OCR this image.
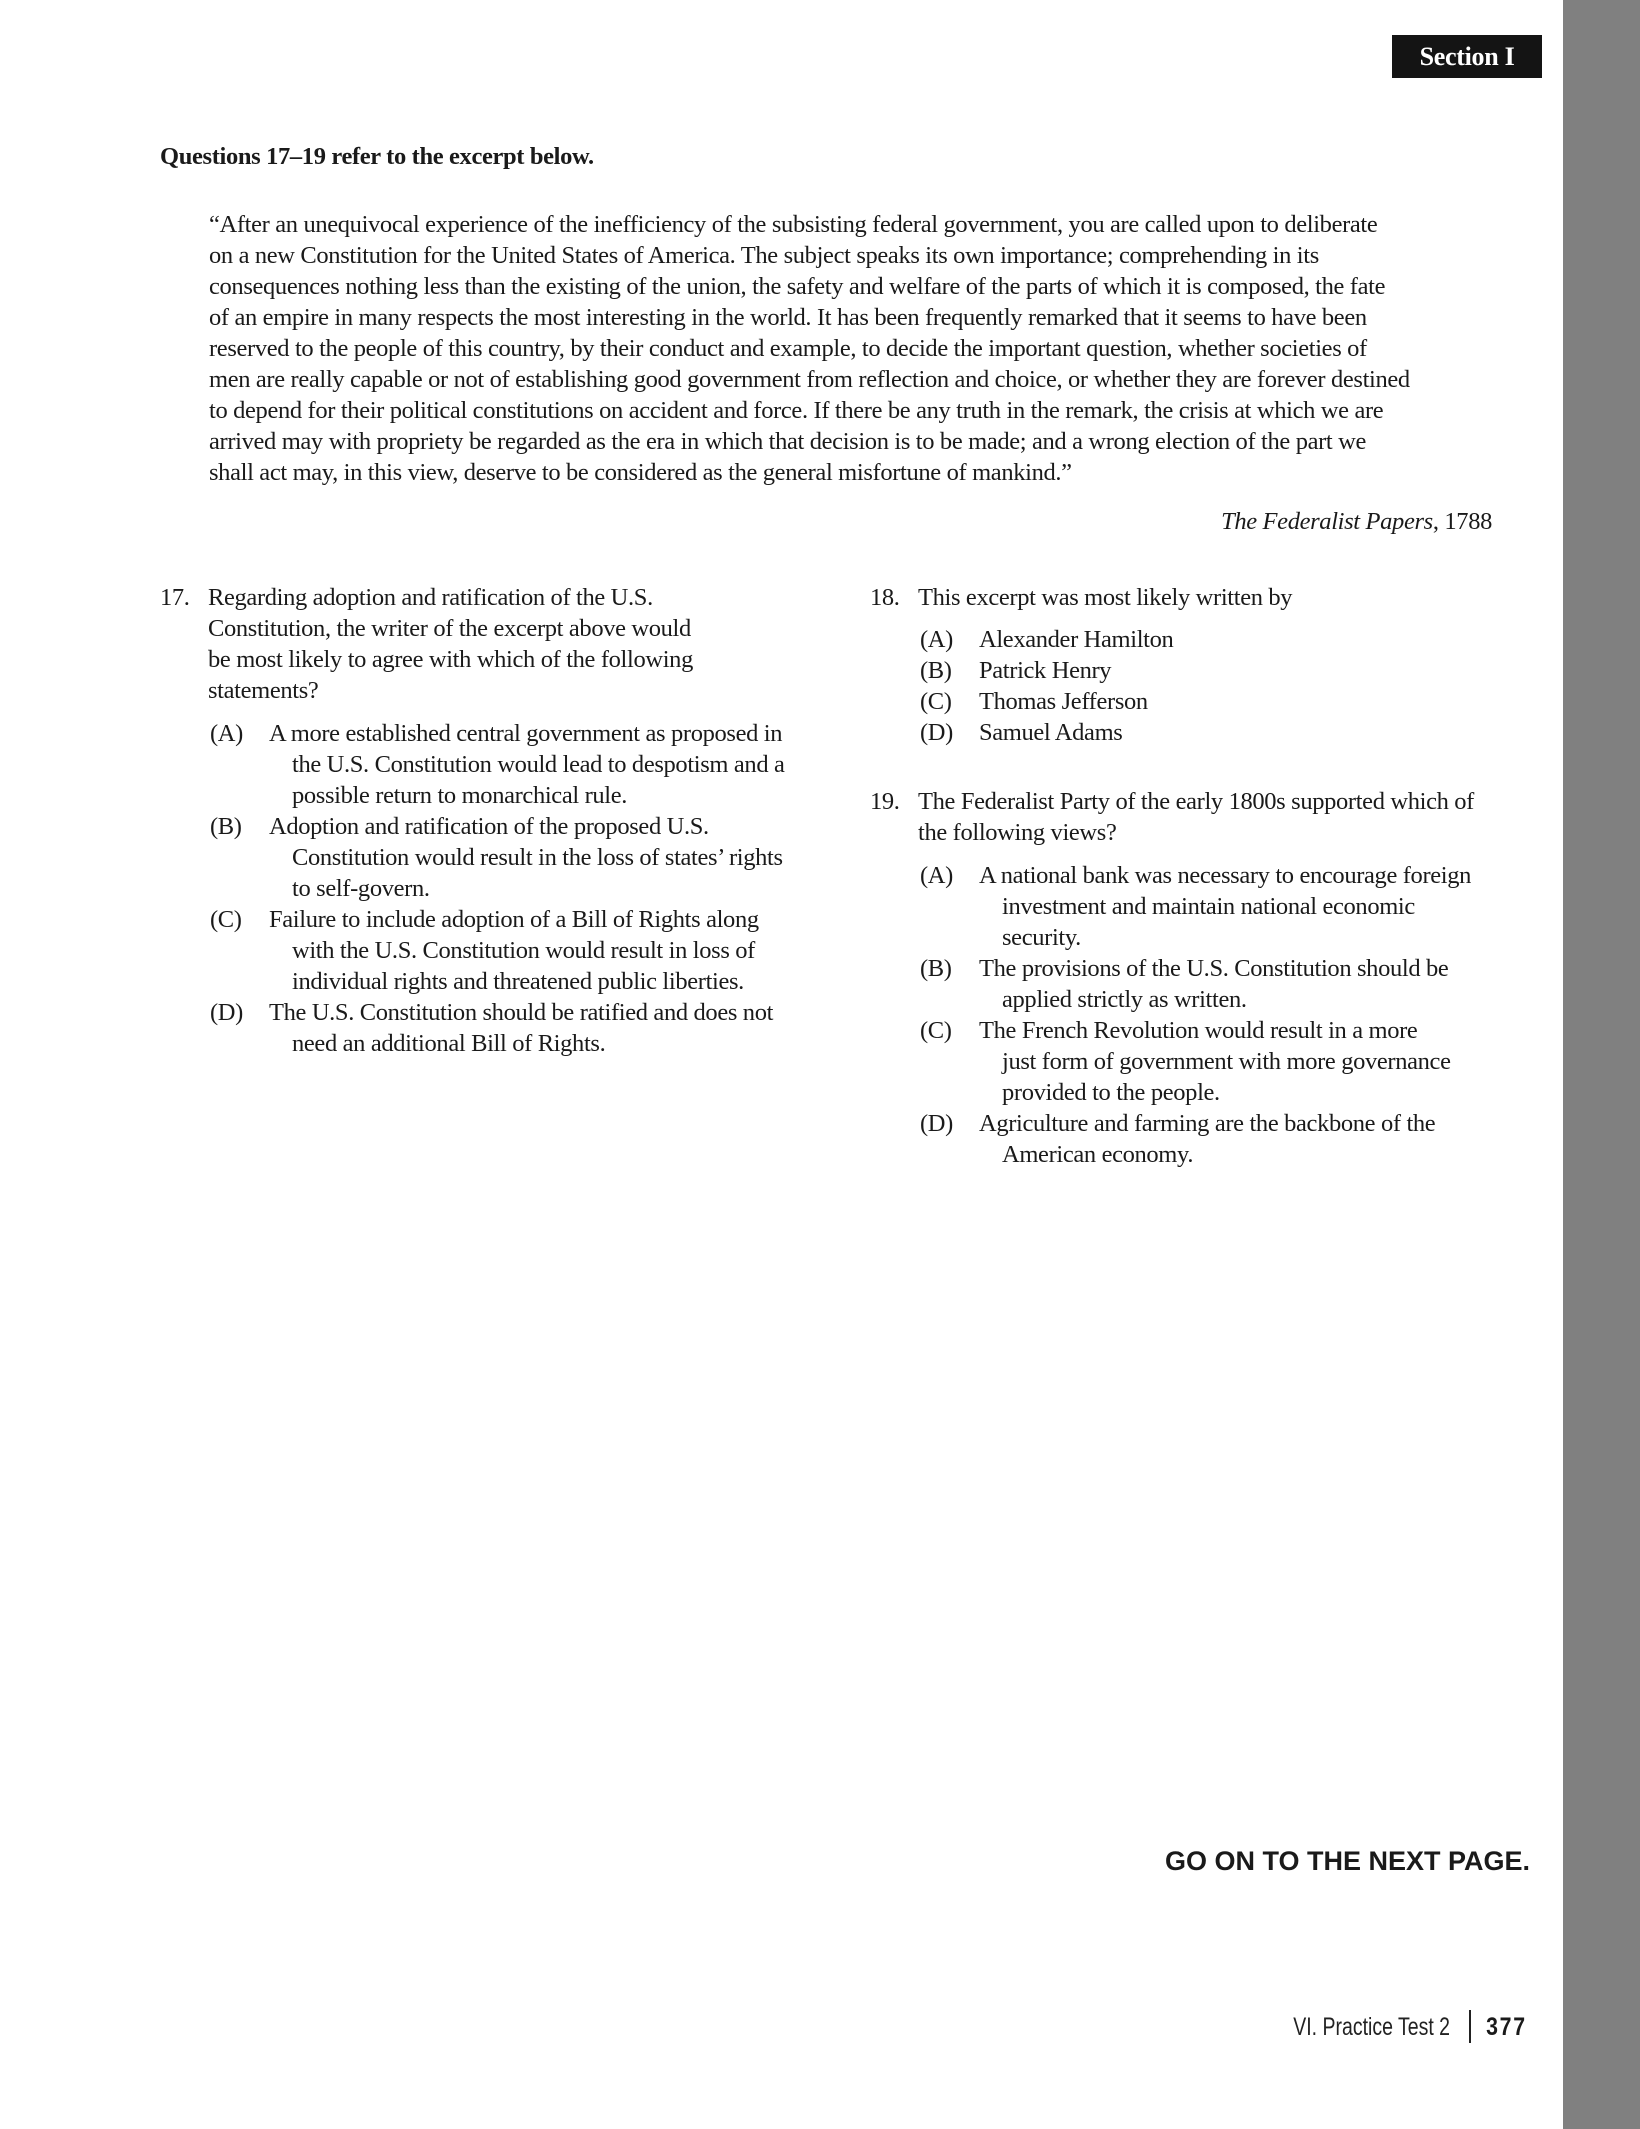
Section I
Questions 17–19 refer to the excerpt below.
“After an unequivocal experience of the inefficiency of the subsisting federal government, you are called upon to deliberate
on a new Constitution for the United States of America. The subject speaks its own importance; comprehending in its
consequences nothing less than the existing of the union, the safety and welfare of the parts of which it is composed, the fate
of an empire in many respects the most interesting in the world. It has been frequently remarked that it seems to have been
reserved to the people of this country, by their conduct and example, to decide the important question, whether societies of
men are really capable or not of establishing good government from reflection and choice, or whether they are forever destined
to depend for their political constitutions on accident and force. If there be any truth in the remark, the crisis at which we are
arrived may with propriety be regarded as the era in which that decision is to be made; and a wrong election of the part we
shall act may, in this view, deserve to be considered as the general misfortune of mankind.”
The Federalist Papers, 1788
17. Regarding adoption and ratification of the U.S.
Constitution, the writer of the excerpt above would
be most likely to agree with which of the following
statements?
(A) A more established central government as proposed in
the U.S. Constitution would lead to despotism and a
possible return to monarchical rule.
(B) Adoption and ratification of the proposed U.S.
Constitution would result in the loss of states’ rights
to self-govern.
(C) Failure to include adoption of a Bill of Rights along
with the U.S. Constitution would result in loss of
individual rights and threatened public liberties.
(D) The U.S. Constitution should be ratified and does not
need an additional Bill of Rights.
18. This excerpt was most likely written by
(A) Alexander Hamilton
(B) Patrick Henry
(C) Thomas Jefferson
(D) Samuel Adams
19. The Federalist Party of the early 1800s supported which of
the following views?
(A) A national bank was necessary to encourage foreign
investment and maintain national economic
security.
(B) The provisions of the U.S. Constitution should be
applied strictly as written.
(C) The French Revolution would result in a more
just form of government with more governance
provided to the people.
(D) Agriculture and farming are the backbone of the
American economy.
GO ON TO THE NEXT PAGE.
VI. Practice Test 2 377
